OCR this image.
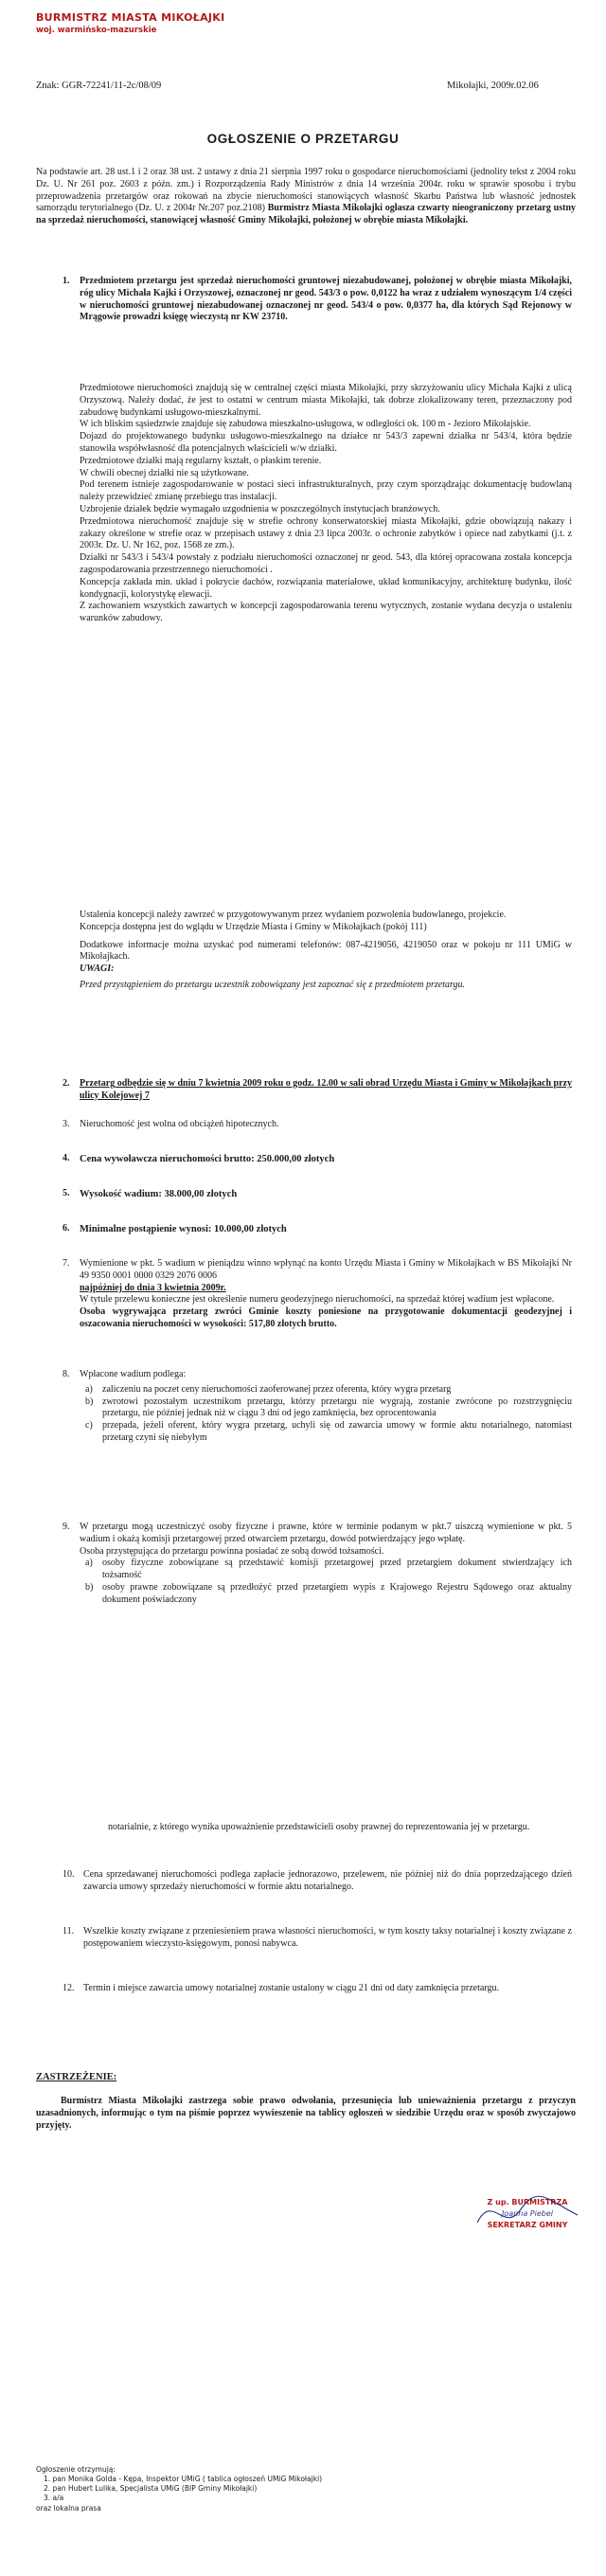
BURMISTRZ MIASTA MIKOŁAJKI
woj. warmińsko-mazurskie
Znak: GGR-72241/11-2c/08/09	Mikołajki, 2009r.02.06
OGŁOSZENIE O PRZETARGU
Na podstawie art. 28 ust.1 i 2 oraz 38 ust. 2 ustawy z dnia 21 sierpnia 1997 roku o gospodarce nieruchomościami (jednolity tekst z 2004 roku Dz. U. Nr 261 poz. 2603 z późn. zm.) i Rozporządzenia Rady Ministrów z dnia 14 września 2004r. roku w sprawie sposobu i trybu przeprowadzenia przetargów oraz rokowań na zbycie nieruchomości stanowiących własność Skarbu Państwa lub własność jednostek samorządu terytorialnego (Dz. U. z 2004r Nr.207 poz.2108) Burmistrz Miasta Mikołajki ogłasza czwarty nieograniczony przetarg ustny na sprzedaż nieruchomości, stanowiącej własność Gminy Mikołajki, położonej w obrębie miasta Mikołajki.
1. Przedmiotem przetargu jest sprzedaż nieruchomości gruntowej niezabudowanej, położonej w obrębie miasta Mikołajki, róg ulicy Michała Kajki i Orzyszowej, oznaczonej nr geod. 543/3 o pow. 0,0122 ha wraz z udziałem wynoszącym 1/4 części w nieruchomości gruntowej niezabudowanej oznaczonej nr geod. 543/4 o pow. 0,0377 ha, dla których Sąd Rejonowy w Mrągowie prowadzi księgę wieczystą nr KW 23710.
Przedmiotowe nieruchomości znajdują się w centralnej części miasta Mikołajki, przy skrzyżowaniu ulicy Michała Kajki z ulicą Orzyszową. Należy dodać, że jest to ostatni w centrum miasta Mikołajki, tak dobrze zlokalizowany teren, przeznaczony pod zabudowę budynkami usługowo-mieszkalnymi.
W ich bliskim sąsiedztwie znajduje się zabudowa mieszkalno-usługowa, w odległości ok. 100 m - Jezioro Mikołajskie.
Dojazd do projektowanego budynku usługowo-mieszkalnego na działce nr 543/3 zapewni działka nr 543/4, która będzie stanowiła współwłasność dla potencjalnych właścicieli w/w działki.
Przedmiotowe działki mają regularny kształt, o płaskim terenie.
W chwili obecnej działki nie są użytkowane.
Pod terenem istnieje zagospodarowanie w postaci sieci infrastrukturalnych, przy czym sporządzając dokumentację budowlaną należy przewidzieć zmianę przebiegu tras instalacji.
Uzbrojenie działek będzie wymagało uzgodnienia w poszczególnych instytucjach branżowych.
Przedmiotowa nieruchomość znajduje się w strefie ochrony konserwatorskiej miasta Mikołajki, gdzie obowiązują nakazy i zakazy określone w strefie oraz w przepisach ustawy z dnia 23 lipca 2003r. o ochronie zabytków i opiece nad zabytkami (j.t. z 2003r. Dz. U. Nr 162, poz. 1568 ze zm.).
Działki nr 543/3 i 543/4 powstały z podziału nieruchomości oznaczonej nr geod. 543, dla której opracowana została koncepcja zagospodarowania przestrzennego nieruchomości .
Koncepcja zakłada min. układ i pokrycie dachów, rozwiązania materiałowe, układ komunikacyjny, architekturę budynku, ilość kondygnacji, kolorystykę elewacji.
Z zachowaniem wszystkich zawartych w koncepcji zagospodarowania terenu wytycznych, zostanie wydana decyzja o ustaleniu warunków zabudowy.
Ustalenia koncepcji należy zawrzeć w przygotowywanym przez wydaniem pozwolenia budowlanego, projekcie.
Koncepcja dostępna jest do wglądu w Urzędzie Miasta i Gminy w Mikołajkach (pokój 111)
Dodatkowe informacje można uzyskać pod numerami telefonów: 087-4219056, 4219050 oraz w pokoju nr 111 UMiG w Mikołajkach.
UWAGI:
Przed przystąpieniem do przetargu uczestnik zobowiązany jest zapoznać się z przedmiotem przetargu.
2. Przetarg odbędzie się w dniu 7 kwietnia 2009 roku o godz. 12.00 w sali obrad Urzędu Miasta i Gminy w Mikołajkach przy ulicy Kolejowej 7
3. Nieruchomość jest wolna od obciążeń hipotecznych.
4. Cena wywoławcza nieruchomości brutto: 250.000,00 złotych
5. Wysokość wadium: 38.000,00 złotych
6. Minimalne postąpienie wynosi: 10.000,00 złotych
7. Wymienione w pkt. 5 wadium w pieniądzu winno wpłynąć na konto Urzędu Miasta i Gminy w Mikołajkach w BS Mikołajki Nr 49 9350 0001 0000 0329 2076 0006
najpóźniej do dnia 3 kwietnia 2009r.
W tytule przelewu konieczne jest określenie numeru geodezyjnego nieruchomości, na sprzedaż której wadium jest wpłacone.
Osoba wygrywająca przetarg zwróci Gminie koszty poniesione na przygotowanie dokumentacji geodezyjnej i oszacowania nieruchomości w wysokości: 517,80 złotych brutto.
8. Wpłacone wadium podlega:
a)	zaliczeniu na poczet ceny nieruchomości zaoferowanej przez oferenta, który wygra przetarg
b) zwrotowi pozostałym uczestnikom przetargu, którzy przetargu nie wygrają, zostanie zwrócone po rozstrzygnięciu przetargu, nie później jednak niż w ciągu 3 dni od jego zamknięcia, bez oprocentowania
c)	przepada, jeżeli oferent, który wygra przetarg, uchyli się od zawarcia umowy w formie aktu notarialnego, natomiast przetarg czyni się niebyłym
9. W przetargu mogą uczestniczyć osoby fizyczne i prawne, które w terminie podanym w pkt.7 uiszczą wymienione w pkt. 5 wadium i okażą komisji przetargowej przed otwarciem przetargu, dowód potwierdzający jego wpłatę.
Osoba przystępująca do przetargu powinna posiadać ze sobą dowód tożsamości.
a)	osoby fizyczne zobowiązane są przedstawić komisji przetargowej przed przetargiem dokument stwierdzający ich tożsamość
b) osoby prawne zobowiązane są przedłożyć przed przetargiem wypis z Krajowego Rejestru Sądowego oraz aktualny dokument poświadczony
notarialnie, z którego wynika upoważnienie przedstawicieli osoby prawnej do reprezentowania jej w przetargu.
10. Cena sprzedawanej nieruchomości podlega zapłacie jednorazowo, przelewem, nie później niż do dnia poprzedzającego dzień zawarcia umowy sprzedaży nieruchomości w formie aktu notarialnego.
11. Wszelkie koszty związane z przeniesieniem prawa własności nieruchomości, w tym koszty taksy notarialnej i koszty związane z postępowaniem wieczysto-księgowym, ponosi nabywca.
12. Termin i miejsce zawarcia umowy notarialnej zostanie ustalony w ciągu 21 dni od daty zamknięcia przetargu.
ZASTRZEŻENIE:
Burmistrz Miasta Mikołajki zastrzega sobie prawo odwołania, przesunięcia lub unieważnienia przetargu z przyczyn uzasadnionych, informując o tym na piśmie poprzez wywieszenie na tablicy ogłoszeń w siedzibie Urzędu oraz w sposób zwyczajowo przyjęty.
Z up. BURMISTRZA
Joanna Piebel
SEKRETARZ GMINY
Ogłoszenie otrzymują:
1. pan Monika Golda - Kępa, Inspektor UMiG ( tablica ogłoszeń UMiG Mikołajki)
2. pan Hubert Lulika, Specjalista UMiG (BIP Gminy Mikołajki)
3. a/a
oraz lokalna prasa
